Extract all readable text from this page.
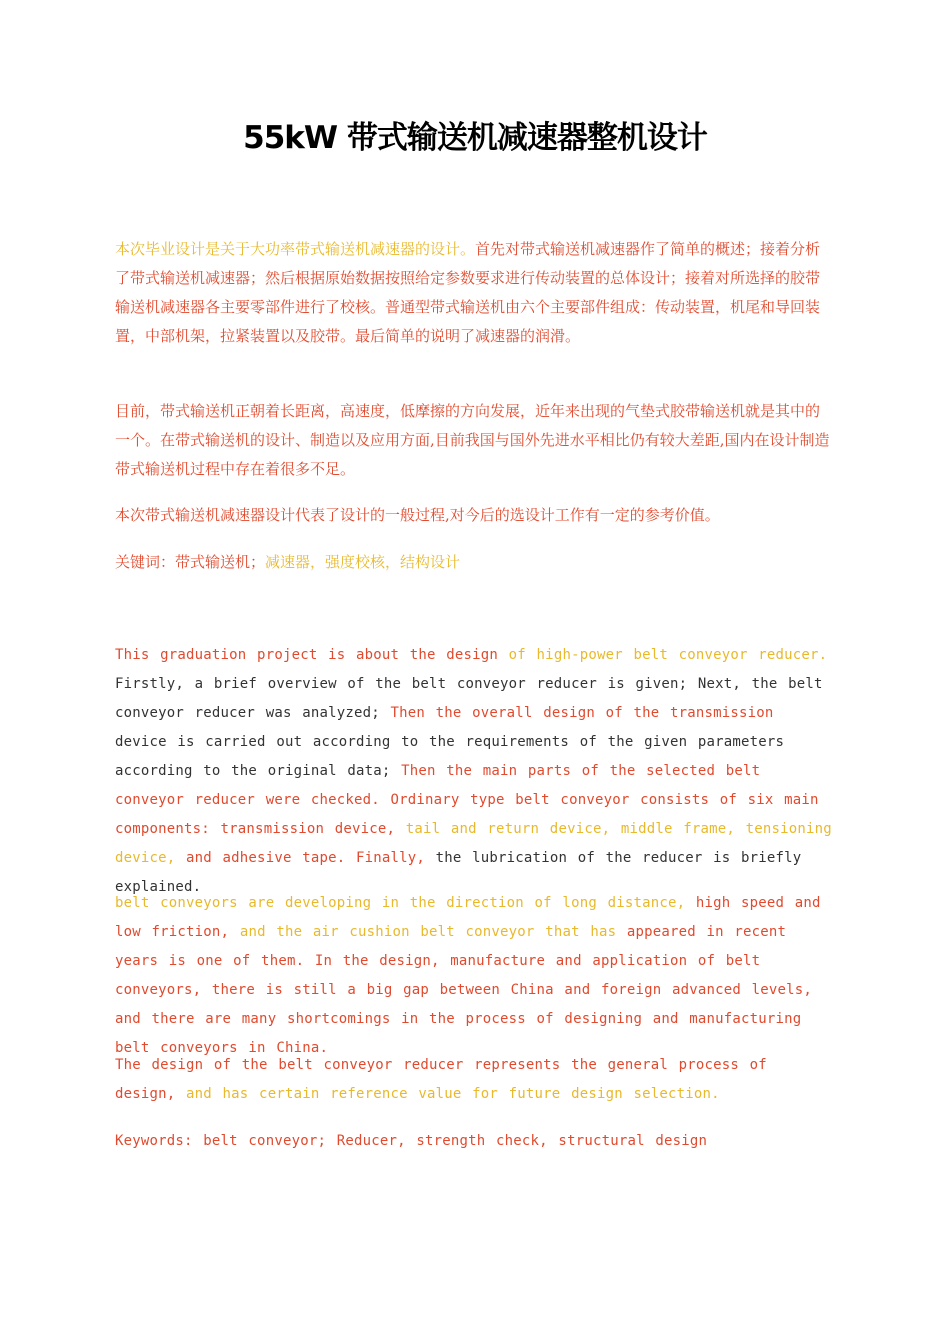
55kW 带式输送机减速器整机设计

本次毕业设计是关于大功率带式输送机减速器的设计。首先对带式输送机减速器作了简单的概述；接着分析了带式输送机减速器；然后根据原始数据按照给定参数要求进行传动装置的总体设计；接着对所选择的胶带输送机减速器各主要零部件进行了校核。普通型带式输送机由六个主要部件组成：传动装置，机尾和导回装置，中部机架，拉紧装置以及胶带。最后简单的说明了减速器的润滑。

目前，带式输送机正朝着长距离，高速度，低摩擦的方向发展，近年来出现的气垫式胶带输送机就是其中的一个。在带式输送机的设计、制造以及应用方面,目前我国与国外先进水平相比仍有较大差距,国内在设计制造带式输送机过程中存在着很多不足。

本次带式输送机减速器设计代表了设计的一般过程,对今后的选设计工作有一定的参考价值。

关键词：带式输送机；减速器，强度校核，结构设计

This graduation project is about the design of high-power belt conveyor reducer. Firstly, a brief overview of the belt conveyor reducer is given; Next, the belt conveyor reducer was analyzed; Then the overall design of the transmission device is carried out according to the requirements of the given parameters according to the original data; Then the main parts of the selected belt conveyor reducer were checked. Ordinary type belt conveyor consists of six main components: transmission device, tail and return device, middle frame, tensioning device, and adhesive tape. Finally, the lubrication of the reducer is briefly explained.

belt conveyors are developing in the direction of long distance, high speed and low friction, and the air cushion belt conveyor that has appeared in recent years is one of them. In the design, manufacture and application of belt conveyors, there is still a big gap between China and foreign advanced levels, and there are many shortcomings in the process of designing and manufacturing belt conveyors in China.

The design of the belt conveyor reducer represents the general process of design, and has certain reference value for future design selection.

Keywords: belt conveyor; Reducer, strength check, structural design
